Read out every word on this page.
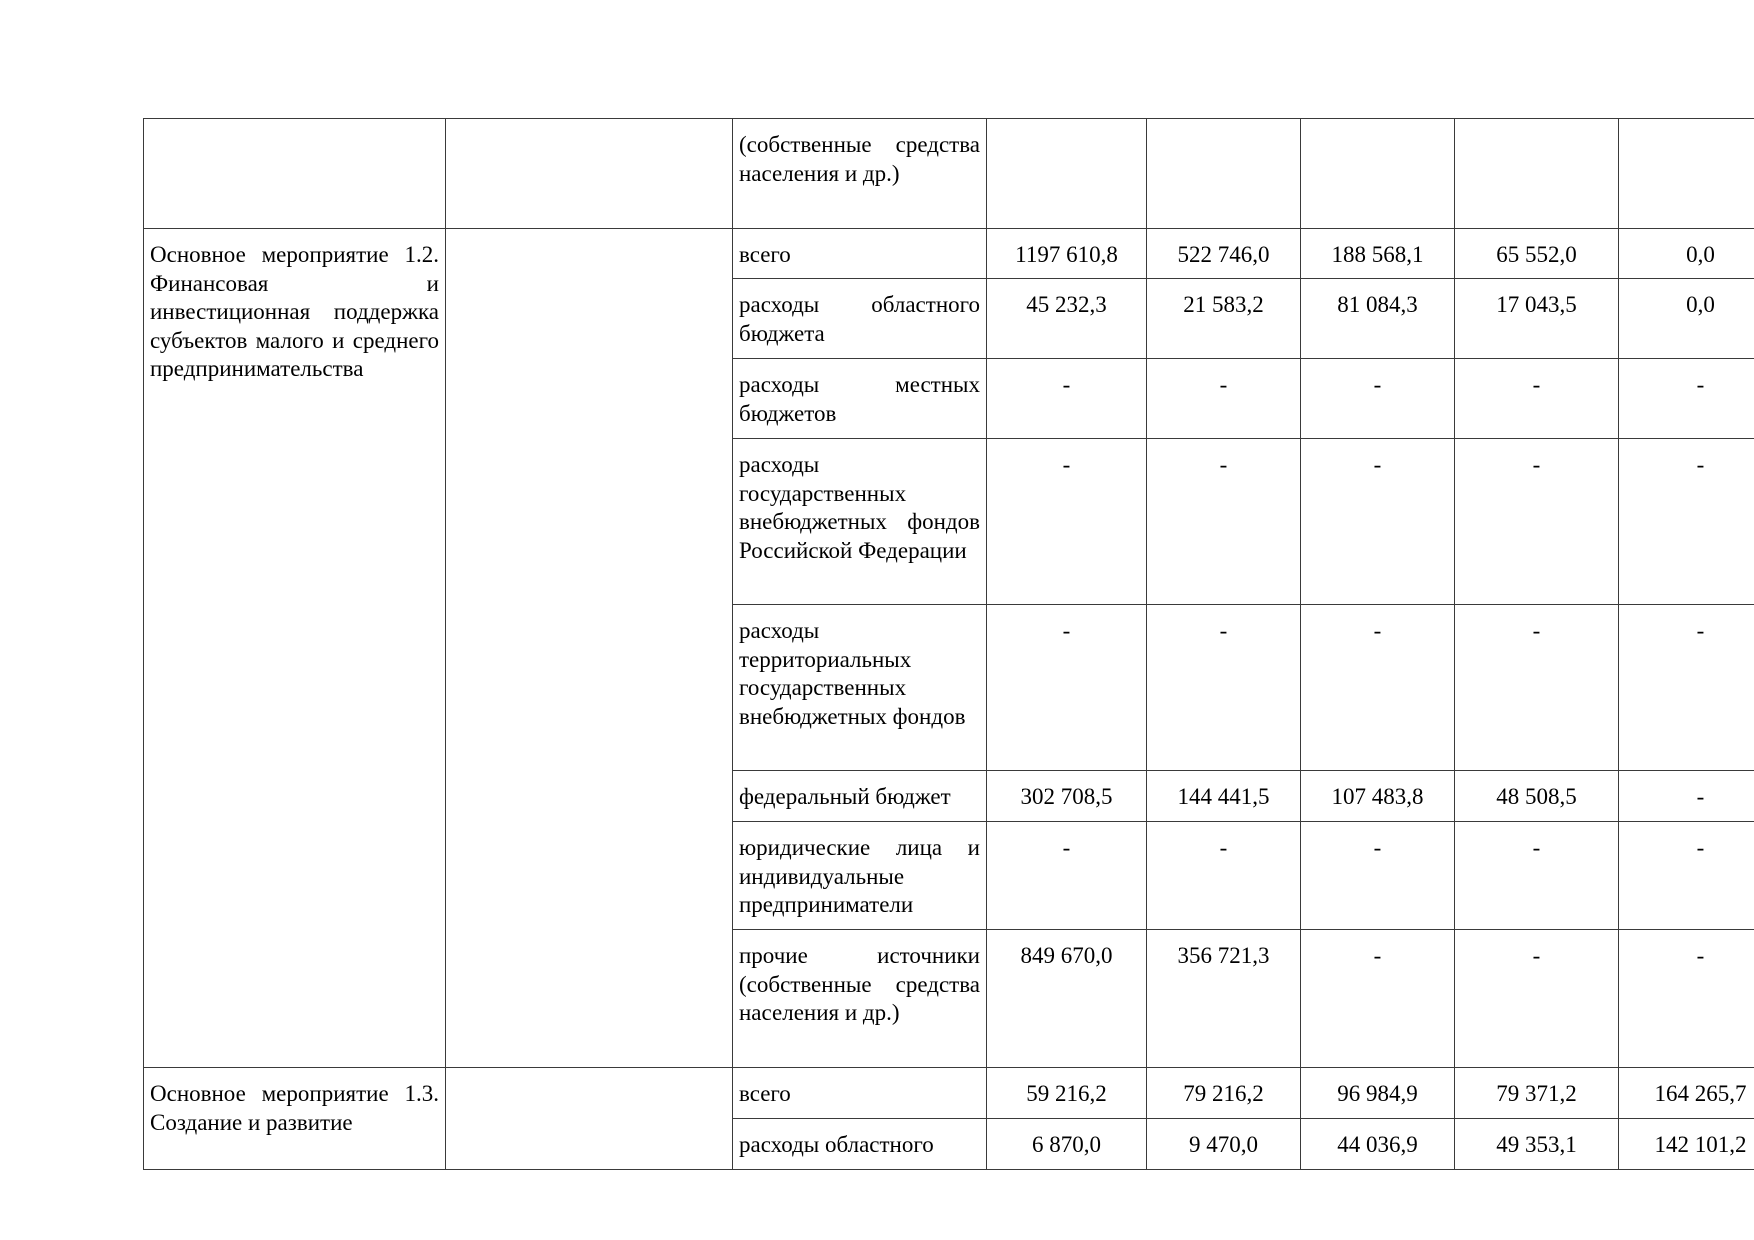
		(собственные средства населения и др.)						
Основное мероприятие 1.2. Финансовая и инвестиционная поддержка субъектов малого и среднего предпринимательства		всего	1197 610,8	522 746,0	188 568,1	65 552,0	0,0	
		расходы областного бюджета	45 232,3	21 583,2	81 084,3	17 043,5	0,0	
		расходы местных бюджетов	-	-	-	-	-	
		расходы государственных внебюджетных фондов Российской Федерации	-	-	-	-	-	
		расходы территориальных государственных внебюджетных фондов	-	-	-	-	-	
		федеральный бюджет	302 708,5	144 441,5	107 483,8	48 508,5	-	
		юридические лица и индивидуальные предприниматели	-	-	-	-	-	
		прочие источники (собственные средства населения и др.)	849 670,0	356 721,3	-	-	-	
Основное мероприятие 1.3. Создание и развитие		всего	59 216,2	79 216,2	96 984,9	79 371,2	164 265,7	
		расходы областного	6 870,0	9 470,0	44 036,9	49 353,1	142 101,2	
